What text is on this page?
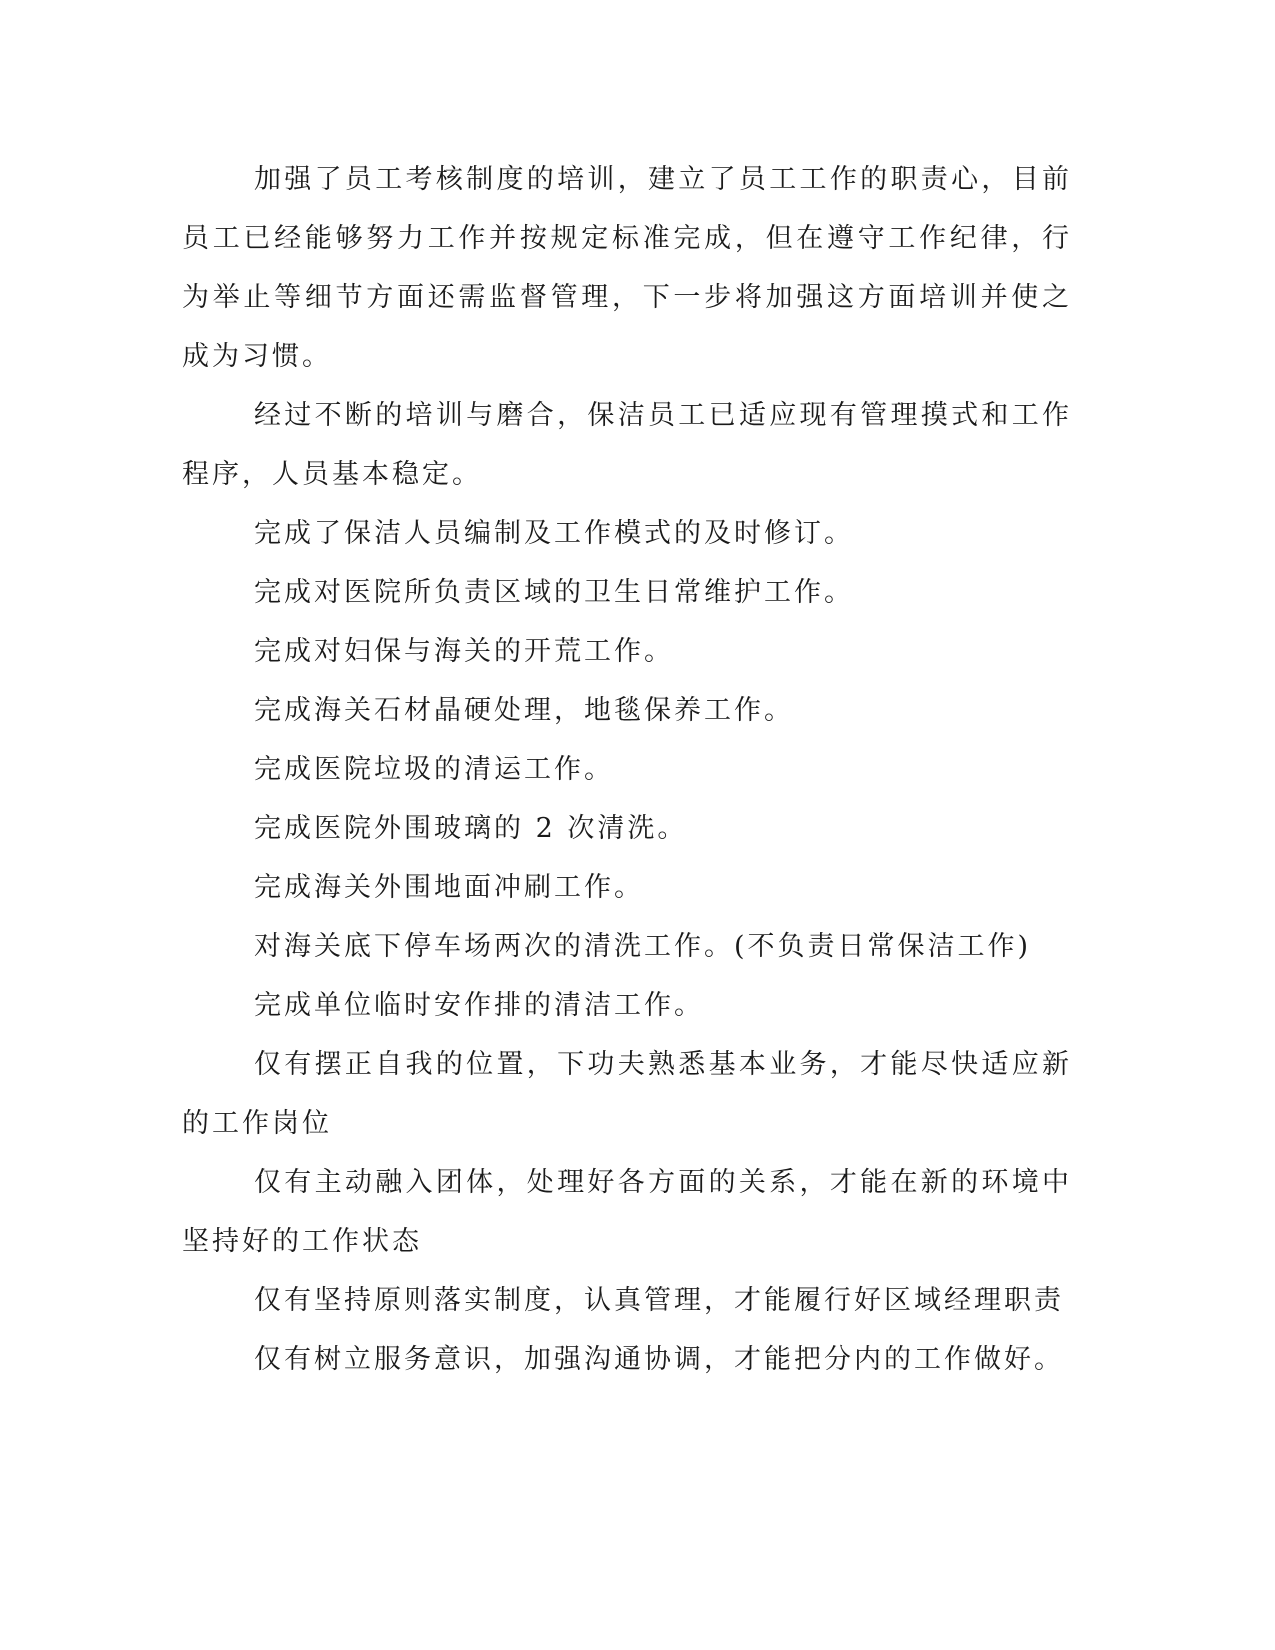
加强了员工考核制度的培训，建立了员工工作的职责心，目前员工已经能够努力工作并按规定标准完成，但在遵守工作纪律，行为举止等细节方面还需监督管理，下一步将加强这方面培训并使之成为习惯。

经过不断的培训与磨合，保洁员工已适应现有管理摸式和工作程序，人员基本稳定。

完成了保洁人员编制及工作模式的及时修订。

完成对医院所负责区域的卫生日常维护工作。

完成对妇保与海关的开荒工作。

完成海关石材晶硬处理，地毯保养工作。

完成医院垃圾的清运工作。

完成医院外围玻璃的 2 次清洗。

完成海关外围地面冲刷工作。

对海关底下停车场两次的清洗工作。(不负责日常保洁工作)

完成单位临时安作排的清洁工作。

仅有摆正自我的位置，下功夫熟悉基本业务，才能尽快适应新的工作岗位

仅有主动融入团体，处理好各方面的关系，才能在新的环境中坚持好的工作状态

仅有坚持原则落实制度，认真管理，才能履行好区域经理职责

仅有树立服务意识，加强沟通协调，才能把分内的工作做好。
